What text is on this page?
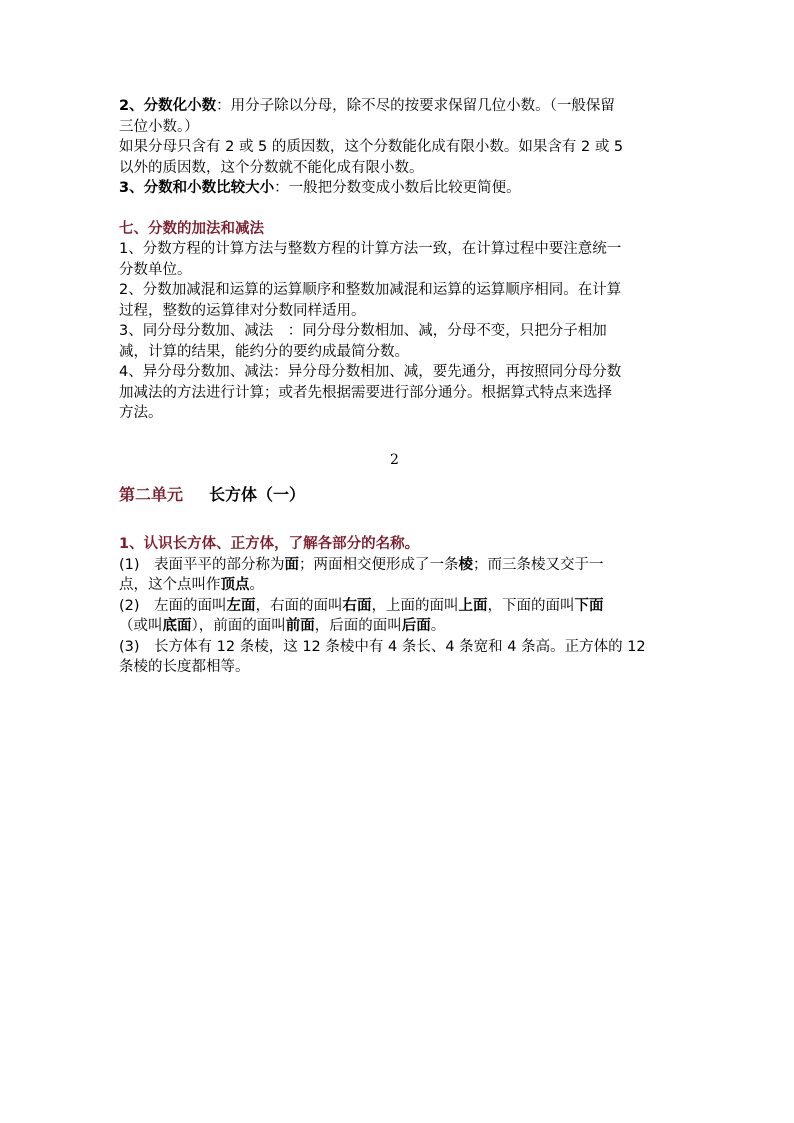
2、分数化小数：用分子除以分母，除不尽的按要求保留几位小数。（一般保留
三位小数。）
如果分母只含有 2 或 5 的质因数，这个分数能化成有限小数。如果含有 2 或 5
以外的质因数，这个分数就不能化成有限小数。
3、分数和小数比较大小：一般把分数变成小数后比较更简便。
七、分数的加法和减法
1、分数方程的计算方法与整数方程的计算方法一致，在计算过程中要注意统一
分数单位。
2、分数加减混和运算的运算顺序和整数加减混和运算的运算顺序相同。在计算
过程，整数的运算律对分数同样适用。
3、同分母分数加、减法　：同分母分数相加、减，分母不变，只把分子相加
减，计算的结果，能约分的要约成最简分数。
4、异分母分数加、减法：异分母分数相加、减，要先通分，再按照同分母分数
加减法的方法进行计算；或者先根据需要进行部分通分。根据算式特点来选择
方法。
2
第二单元 长方体（一）
1、认识长方体、正方体，了解各部分的名称。
(1)　表面平平的部分称为面；两面相交便形成了一条棱；而三条棱又交于一
点，这个点叫作顶点。
(2)　左面的面叫左面，右面的面叫右面，上面的面叫上面，下面的面叫下面
（或叫底面），前面的面叫前面，后面的面叫后面。
(3)　长方体有 12 条棱，这 12 条棱中有 4 条长、4 条宽和 4 条高。正方体的 12
条棱的长度都相等。
